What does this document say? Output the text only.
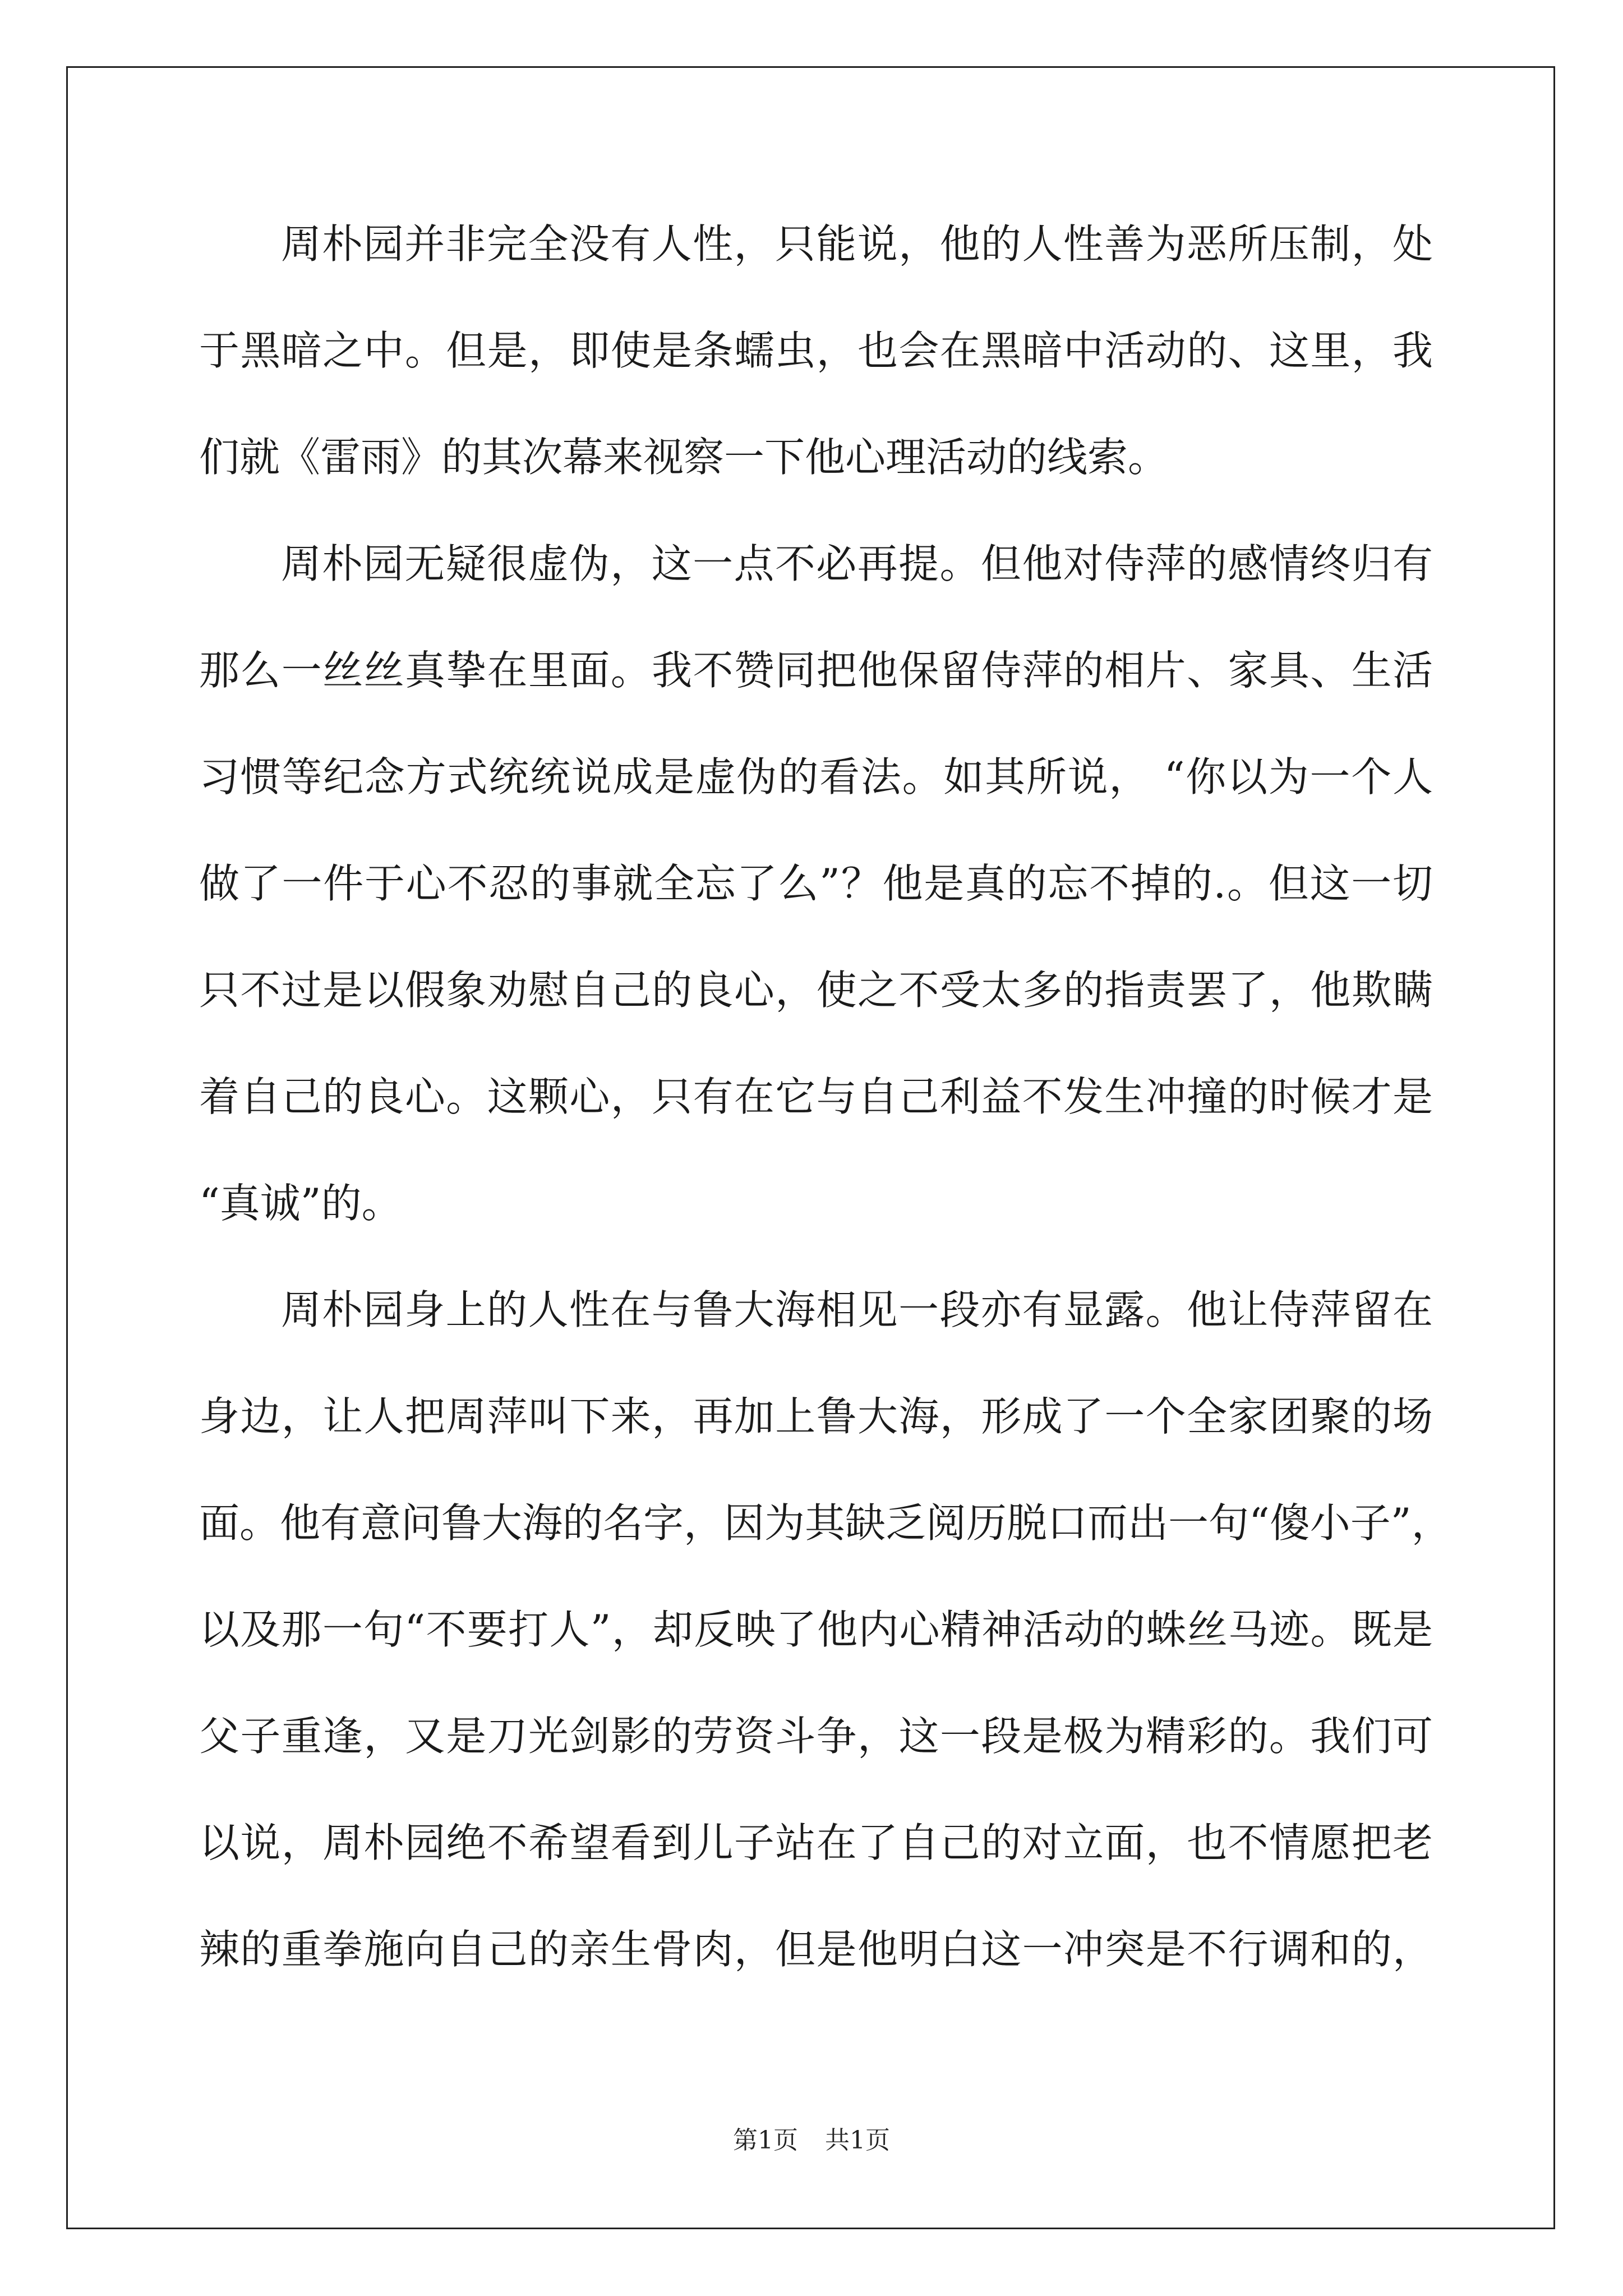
周朴园并非完全没有人性，只能说，他的人性善为恶所压制，处
于黑暗之中。但是，即使是条蠕虫，也会在黑暗中活动的、这里，我
们就《雷雨》的其次幕来视察一下他心理活动的线索。
周朴园无疑很虚伪，这一点不必再提。但他对侍萍的感情终归有
那么一丝丝真挚在里面。我不赞同把他保留侍萍的相片、家具、生活
习惯等纪念方式统统说成是虚伪的看法。如其所说， “你以为一个人
做了一件于心不忍的事就全忘了么”？他是真的忘不掉的.。但这一切
只不过是以假象劝慰自己的良心，使之不受太多的指责罢了，他欺瞒
着自己的良心。这颗心，只有在它与自己利益不发生冲撞的时候才是
“真诚”的。
周朴园身上的人性在与鲁大海相见一段亦有显露。他让侍萍留在
身边，让人把周萍叫下来，再加上鲁大海，形成了一个全家团聚的场
面。他有意问鲁大海的名字，因为其缺乏阅历脱口而出一句“傻小子”，
以及那一句“不要打人”，却反映了他内心精神活动的蛛丝马迹。既是
父子重逢，又是刀光剑影的劳资斗争，这一段是极为精彩的。我们可
以说，周朴园绝不希望看到儿子站在了自己的对立面，也不情愿把老
辣的重拳施向自己的亲生骨肉，但是他明白这一冲突是不行调和的，
第1页 共1页
